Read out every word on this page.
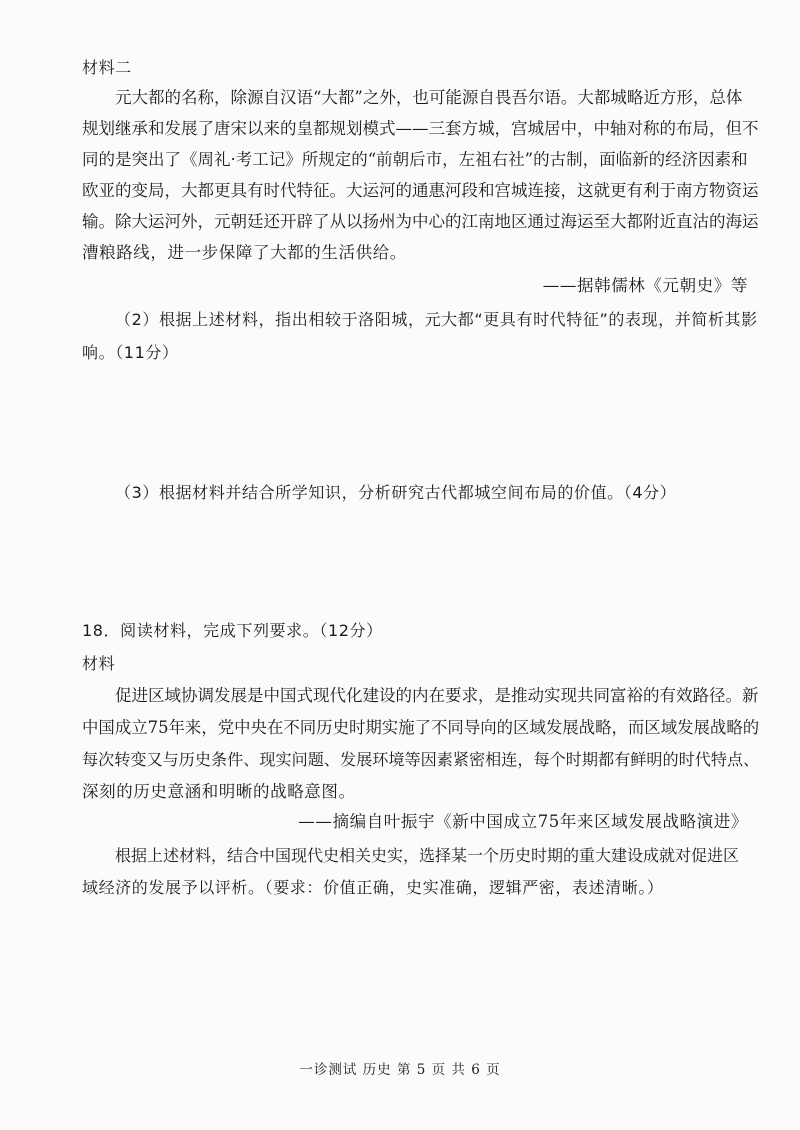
材料二
元大都的名称，除源自汉语“大都”之外，也可能源自畏吾尔语。大都城略近方形，总体
规划继承和发展了唐宋以来的皇都规划模式——三套方城，宫城居中，中轴对称的布局，但不
同的是突出了《周礼·考工记》所规定的“前朝后市，左祖右社”的古制，面临新的经济因素和
欧亚的变局，大都更具有时代特征。大运河的通惠河段和宫城连接，这就更有利于南方物资运
输。除大运河外，元朝廷还开辟了从以扬州为中心的江南地区通过海运至大都附近直沽的海运
漕粮路线，进一步保障了大都的生活供给。
——据韩儒林《元朝史》等
（2）根据上述材料，指出相较于洛阳城，元大都“更具有时代特征”的表现，并简析其影
响。（11分）
（3）根据材料并结合所学知识，分析研究古代都城空间布局的价值。（4分）
18．阅读材料，完成下列要求。（12分）
材料
促进区域协调发展是中国式现代化建设的内在要求，是推动实现共同富裕的有效路径。新
中国成立75年来，党中央在不同历史时期实施了不同导向的区域发展战略，而区域发展战略的
每次转变又与历史条件、现实问题、发展环境等因素紧密相连，每个时期都有鲜明的时代特点、
深刻的历史意涵和明晰的战略意图。
——摘编自叶振宇《新中国成立75年来区域发展战略演进》
根据上述材料，结合中国现代史相关史实，选择某一个历史时期的重大建设成就对促进区
域经济的发展予以评析。（要求：价值正确，史实准确，逻辑严密，表述清晰。）
一诊测试 历史 第 5 页 共 6 页
